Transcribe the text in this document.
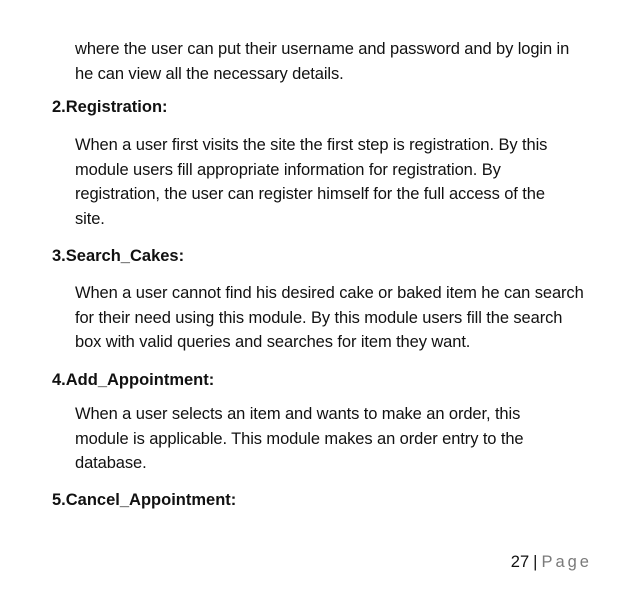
where the user can put their username and password and by login in
he can view all the necessary details.

2.Registration:

When a user first visits the site the first step is registration. By this
module users fill appropriate information for registration. By
registration, the user can register himself for the full access of the
site.

3.Search_Cakes:

When a user cannot find his desired cake or baked item he can search
for their need using this module. By this module users fill the search
box with valid queries and searches for item they want.

4.Add_Appointment:

When a user selects an item and wants to make an order, this
module is applicable. This module makes an order entry to the
database.

5.Cancel_Appointment:
27 | Page
